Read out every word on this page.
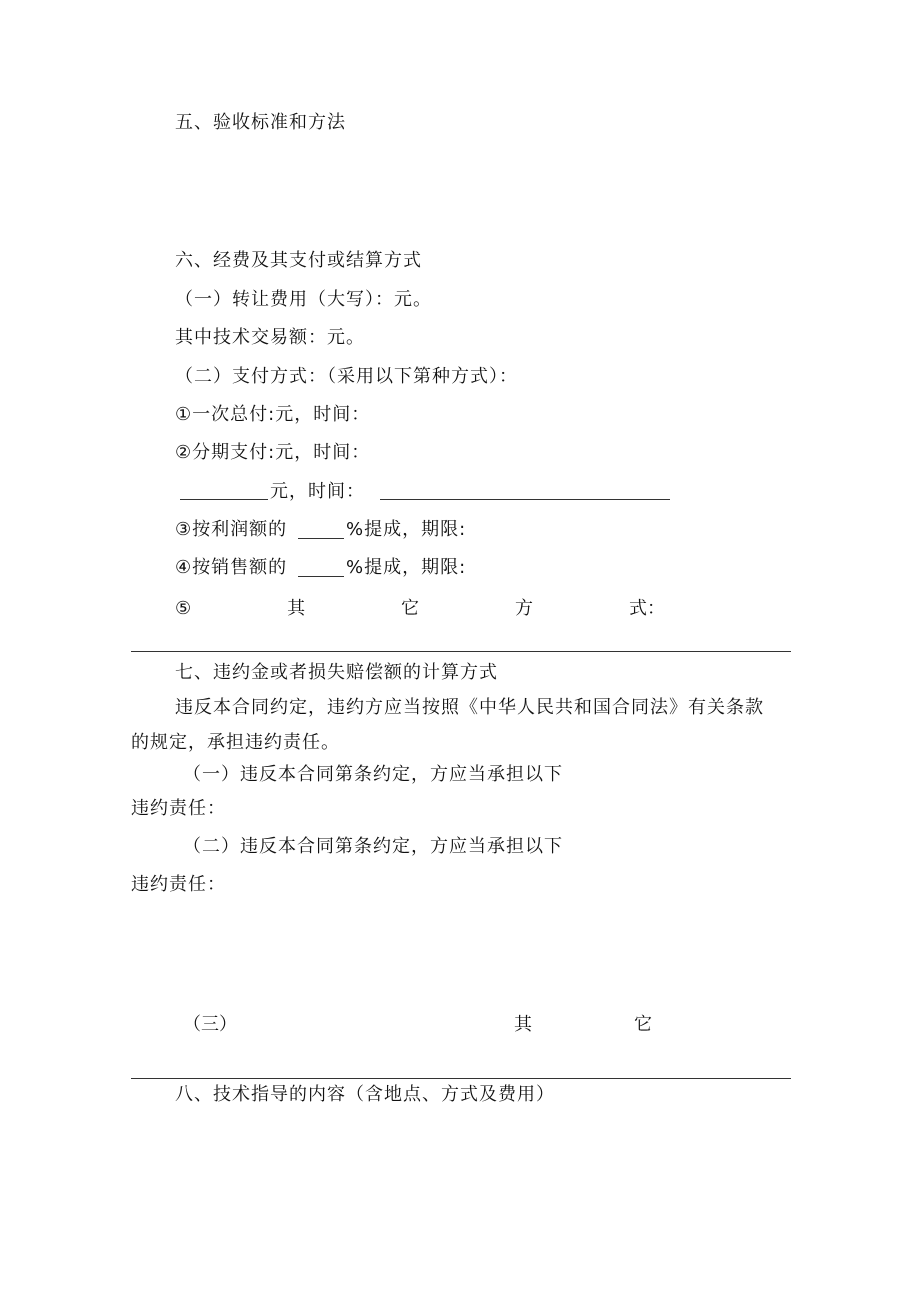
五、验收标准和方法
六、经费及其支付或结算方式
（一）转让费用（大写）：元。
其中技术交易额：元。
（二）支付方式：（采用以下第种方式）：
①一次总付:元，时间：
②分期支付:元，时间：
元，时间：
③按利润额的	%提成，期限:
④按销售额的	%提成，期限:
⑤	其	它	方	式：
七、违约金或者损失赔偿额的计算方式
违反本合同约定，违约方应当按照《中华人民共和国合同法》有关条款
的规定，承担违约责任。
（一）违反本合同第条约定，方应当承担以下
违约责任：
（二）违反本合同第条约定，方应当承担以下
违约责任：
（三）	其	它
八、技术指导的内容（含地点、方式及费用）
